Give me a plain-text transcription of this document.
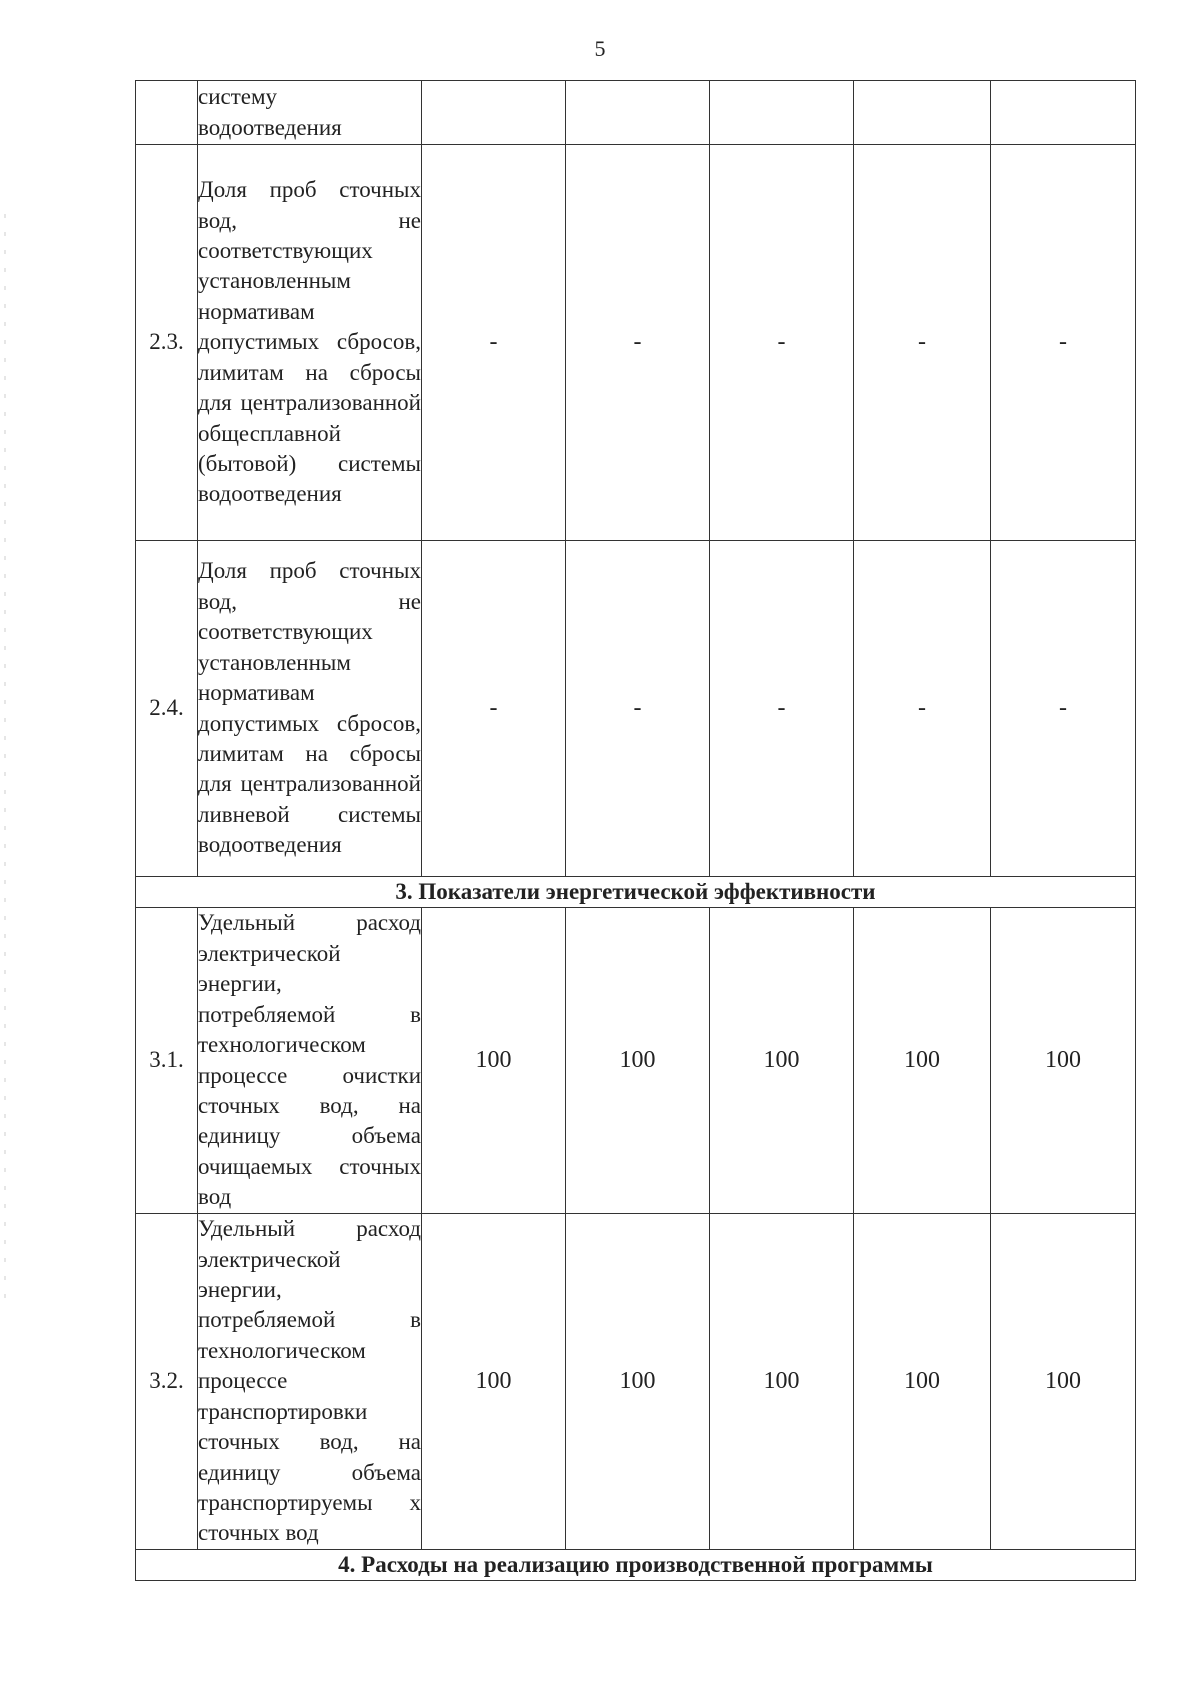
5

	систему
водоотведения					

2.3.	Доля проб сточных вод, не соответствующих установленным нормативам допустимых сбросов, лимитам на сбросы для централизованной общесплавной (бытовой) системы водоотведения	-	-	-	-	-
2.4.	Доля проб сточных вод, не соответствующих установленным нормативам допустимых сбросов, лимитам на сбросы для централизованной ливневой системы водоотведения	-	-	-	-	-
3. Показатели энергетической эффективности						
3.1.	Удельный расход электрической энергии, потребляемой в технологическом процессе очистки сточных вод, на единицу объема очищаемых сточных вод	100	100	100	100	100
3.2.	Удельный расход электрической энергии, потребляемой в технологическом процессе транспортировки сточных вод, на единицу объема транспортируемы х сточных вод	100	100	100	100	100
4. Расходы на реализацию производственной программы						
